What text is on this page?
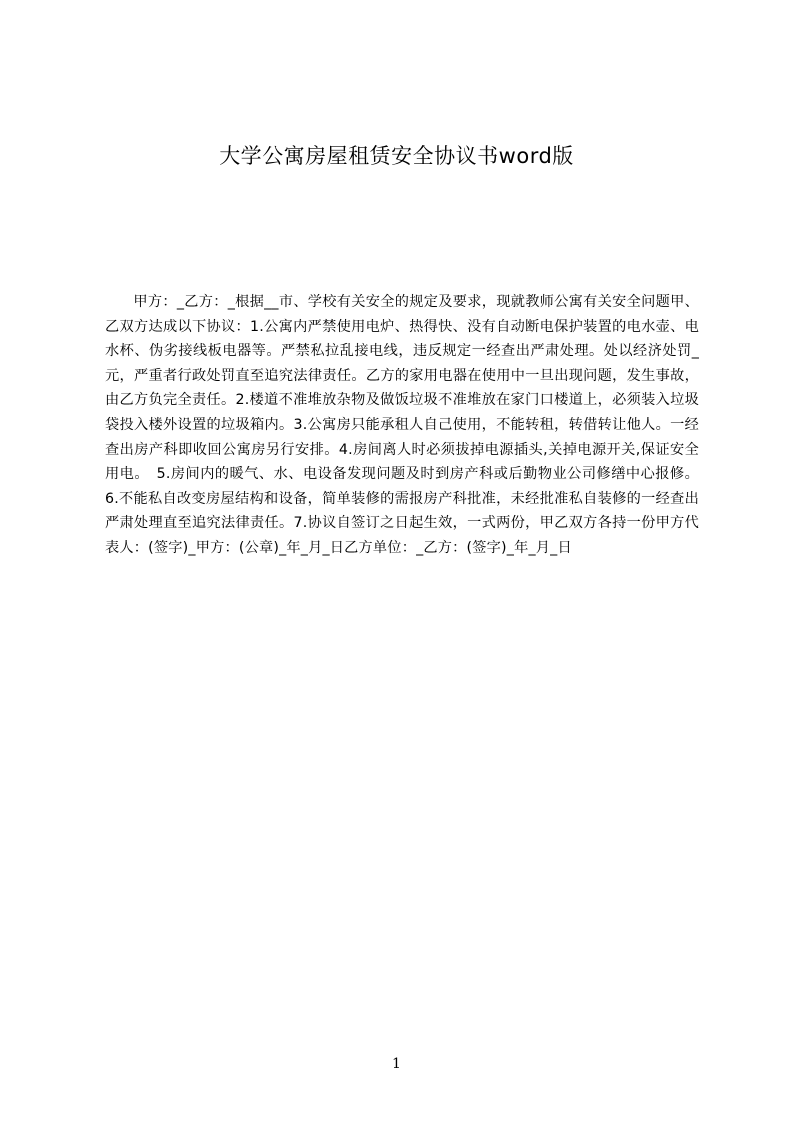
大学公寓房屋租赁安全协议书word版
甲方：_乙方：_根据__市、学校有关安全的规定及要求，现就教师公寓有关安全问题甲、乙双方达成以下协议：1.公寓内严禁使用电炉、热得快、没有自动断电保护装置的电水壶、电水杯、伪劣接线板电器等。严禁私拉乱接电线，违反规定一经查出严肃处理。处以经济处罚_元，严重者行政处罚直至追究法律责任。乙方的家用电器在使用中一旦出现问题，发生事故，由乙方负完全责任。2.楼道不准堆放杂物及做饭垃圾不准堆放在家门口楼道上，必须装入垃圾袋投入楼外设置的垃圾箱内。3.公寓房只能承租人自己使用，不能转租，转借转让他人。一经查出房产科即收回公寓房另行安排。4.房间离人时必须拔掉电源插头,关掉电源开关,保证安全用电。　5.房间内的暖气、水、电设备发现问题及时到房产科或后勤物业公司修缮中心报修。6.不能私自改变房屋结构和设备，简单装修的需报房产科批准，未经批准私自装修的一经查出严肃处理直至追究法律责任。7.协议自签订之日起生效，一式两份，甲乙双方各持一份甲方代表人：(签字)_甲方：(公章)_年_月_日乙方单位：_乙方：(签字)_年_月_日
1
